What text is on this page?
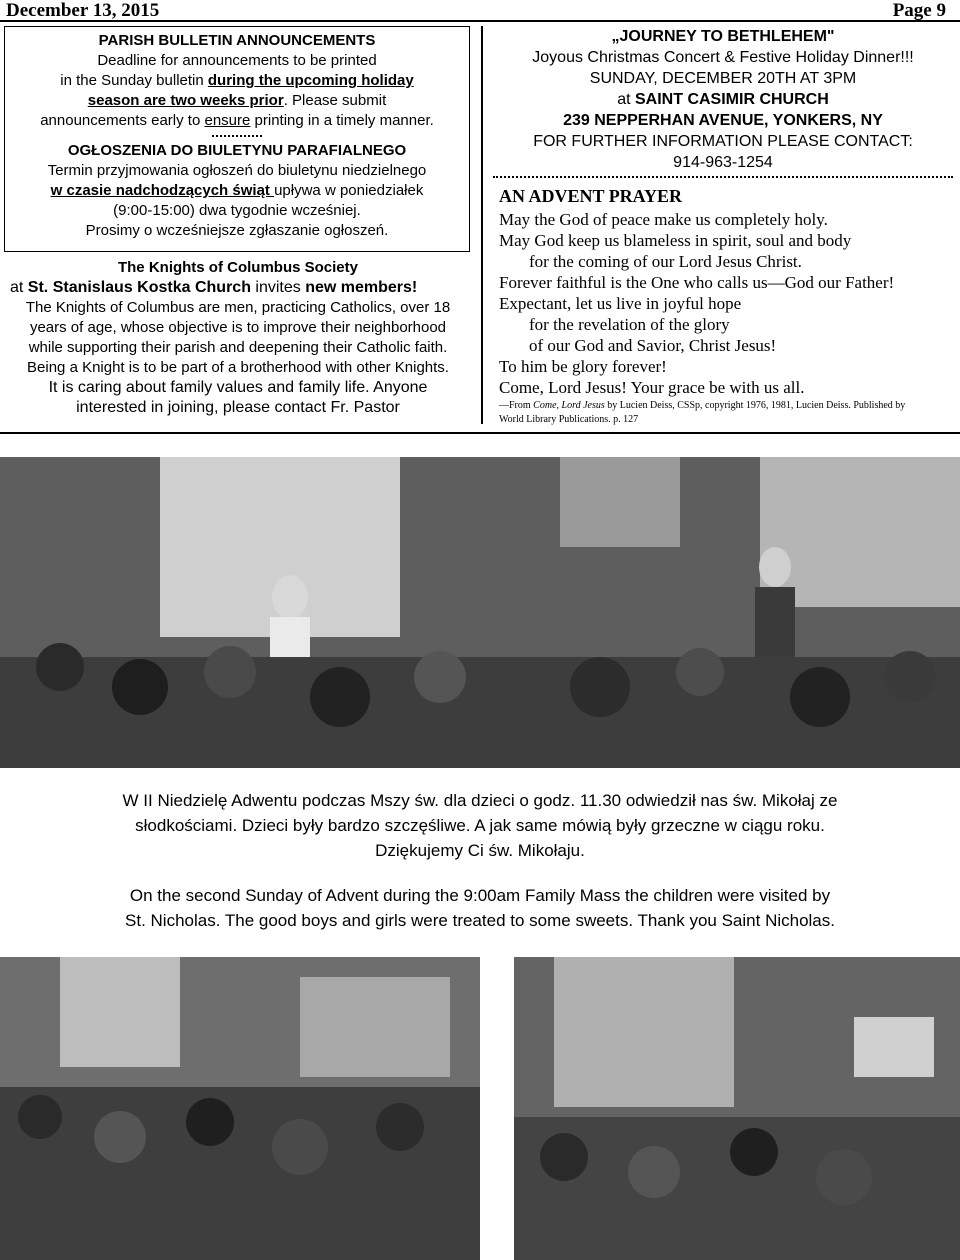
December 13, 2015	Page 9
PARISH BULLETIN ANNOUNCEMENTS
Deadline for announcements to be printed
in the Sunday bulletin during the upcoming holiday
season are two weeks prior. Please submit
announcements early to ensure printing in a timely manner.
OGŁOSZENIA DO BIULETYNU PARAFIALNEGO
Termin przyjmowania ogłoszeń do biuletynu niedzielnego
w czasie nadchodzących świąt upływa w poniedziałek
(9:00-15:00) dwa tygodnie wcześniej.
Prosimy o wcześniejsze zgłaszanie ogłoszeń.
The Knights of Columbus Society
at St. Stanislaus Kostka Church invites new members!
The Knights of Columbus are men, practicing Catholics, over 18
years of age, whose objective is to improve their neighborhood
while supporting their parish and deepening their Catholic faith.
Being a Knight is to be part of a brotherhood with other Knights.
It is caring about family values and family life. Anyone
interested in joining, please contact Fr. Pastor
„JOURNEY TO BETHLEHEM"
Joyous Christmas Concert & Festive Holiday Dinner!!!
SUNDAY, DECEMBER 20TH AT 3PM
at SAINT CASIMIR CHURCH
239 NEPPERHAN AVENUE, YONKERS, NY
FOR FURTHER INFORMATION PLEASE CONTACT:
914-963-1254
AN ADVENT PRAYER
May the God of peace make us completely holy.
May God keep us blameless in spirit, soul and body
for the coming of our Lord Jesus Christ.
Forever faithful is the One who calls us—God our Father!
Expectant, let us live in joyful hope
for the revelation of the glory
of our God and Savior, Christ Jesus!
To him be glory forever!
Come, Lord Jesus! Your grace be with us all.
—From Come, Lord Jesus by Lucien Deiss, CSSp, copyright 1976, 1981, Lucien Deiss. Published by
World Library Publications. p. 127

W II Niedzielę Adwentu podczas Mszy św. dla dzieci o godz. 11.30 odwiedził nas św. Mikołaj ze
słodkościami. Dzieci były bardzo szczęśliwe. A jak same mówią były grzeczne w ciągu roku.
Dziękujemy Ci św. Mikołaju.

On the second Sunday of Advent during the 9:00am Family Mass the children were visited by
St. Nicholas. The good boys and girls were treated to some sweets. Thank you Saint Nicholas.
